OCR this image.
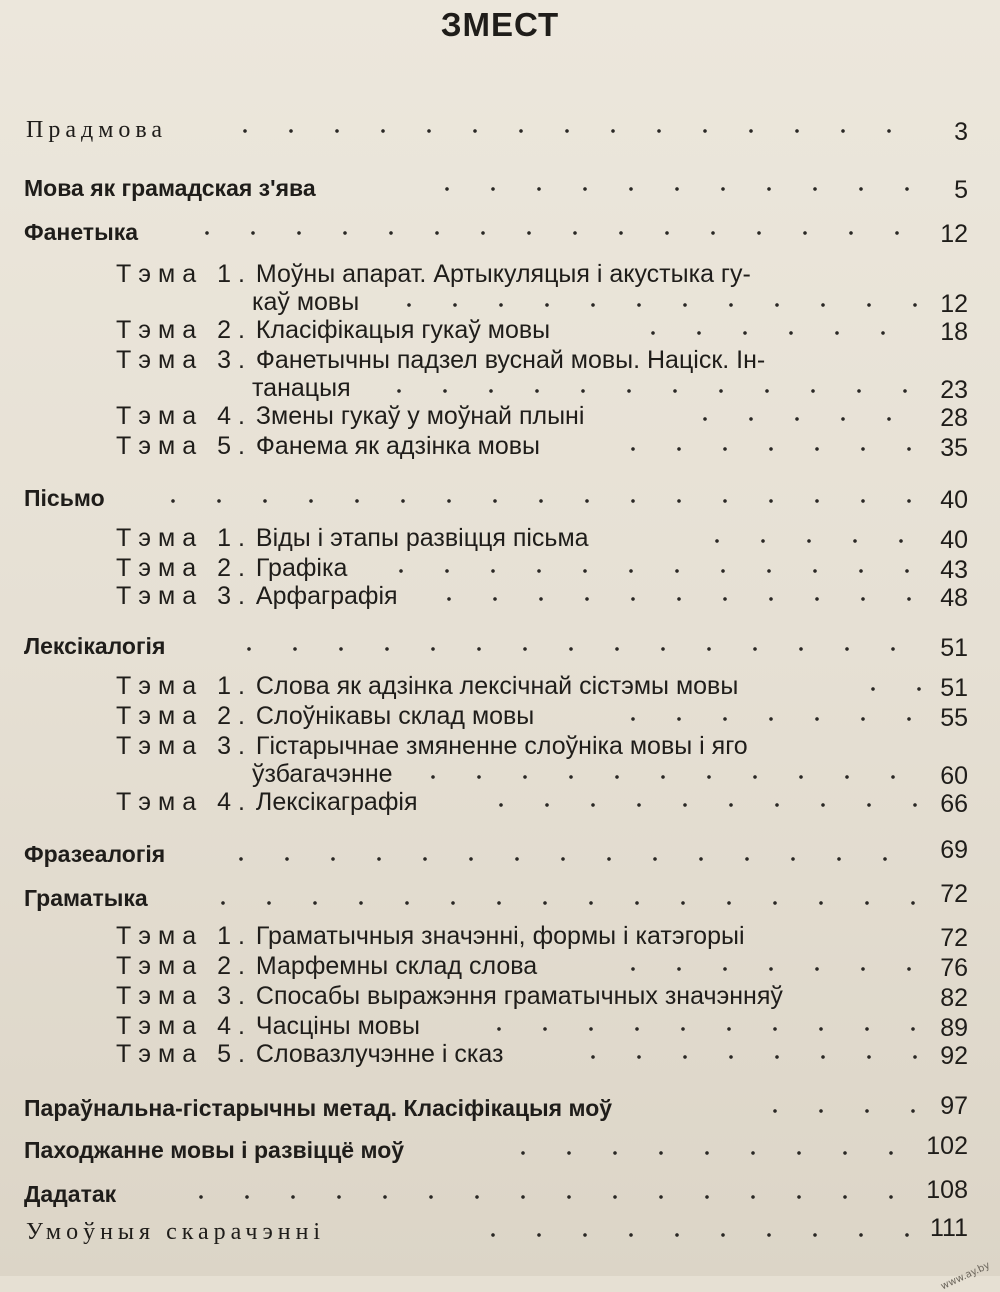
ЗМЕСТ
Прадмова	3
Мова як грамадская з'ява	5
Фанетыка	12
Тэма 1. Моўны апарат. Артыкуляцыя і акустыка гу-
каў мовы	12
Тэма 2. Класіфікацыя гукаў мовы	18
Тэма 3. Фанетычны падзел вуснай мовы. Націск. Ін-
танацыя	23
Тэма 4. Змены гукаў у моўнай плыні	28
Тэма 5. Фанема як адзінка мовы	35
Пісьмо	40
Тэма 1. Віды і этапы развіцця пісьма	40
Тэма 2. Графіка	43
Тэма 3. Арфаграфія	48
Лексікалогія	51
Тэма 1. Слова як адзінка лексічнай сістэмы мовы	51
Тэма 2. Слоўнікавы склад мовы	55
Тэма 3. Гістарычнае змяненне слоўніка мовы і яго
ўзбагачэнне	60
Тэма 4. Лексікаграфія	66
Фразеалогія	69
Граматыка	72
Тэма 1. Граматычныя значэнні, формы і катэгорыі	72
Тэма 2. Марфемны склад слова	76
Тэма 3. Спосабы выражэння граматычных значэнняў	82
Тэма 4. Часціны мовы	89
Тэма 5. Словазлучэнне і сказ	92
Параўнальна-гістарычны метад. Класіфікацыя моў	97
Паходжанне мовы і развіццё моў	102
Дадатак	108
Умоўныя скарачэнні	111
www.ay.by
